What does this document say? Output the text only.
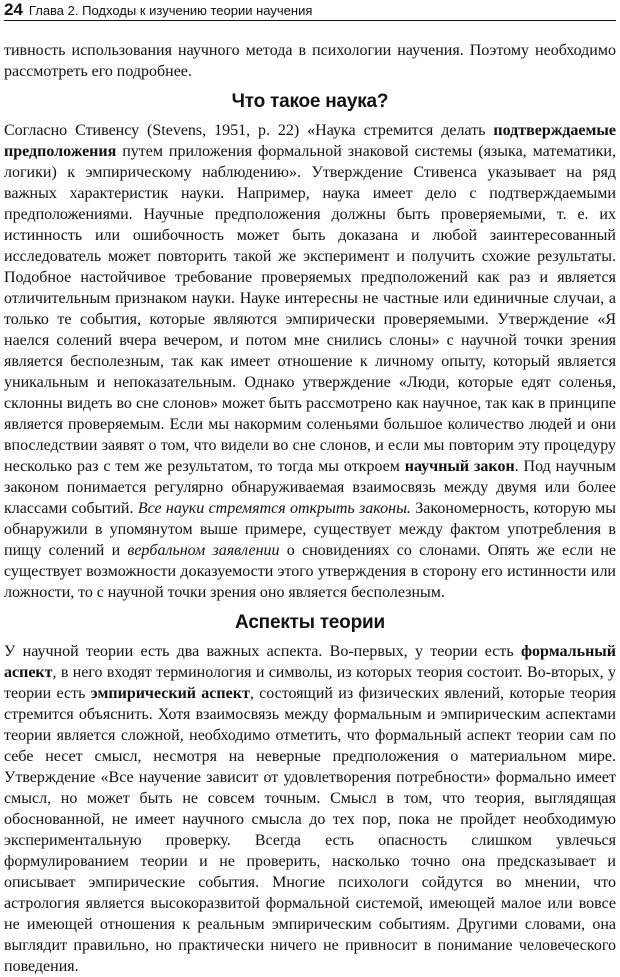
24 Глава 2. Подходы к изучению теории научения

тивность использования научного метода в психологии научения. Поэтому необходимо рассмотреть его подробнее.

Что такое наука?

Согласно Стивенсу (Stevens, 1951, p. 22) «Наука стремится делать подтверждаемые предположения путем приложения формальной знаковой системы (языка, математики, логики) к эмпирическому наблюдению». Утверждение Стивенса указывает на ряд важных характеристик науки. Например, наука имеет дело с подтверждаемыми предположениями. Научные предположения должны быть проверяемыми, т. е. их истинность или ошибочность может быть доказана и любой заинтересованный исследователь может повторить такой же эксперимент и получить схожие результаты. Подобное настойчивое требование проверяемых предположений как раз и является отличительным признаком науки. Науке интересны не частные или единичные случаи, а только те события, которые являются эмпирически проверяемыми. Утверждение «Я наелся солений вчера вечером, и потом мне снились слоны» с научной точки зрения является бесполезным, так как имеет отношение к личному опыту, который является уникальным и непоказательным. Однако утверждение «Люди, которые едят соленья, склонны видеть во сне слонов» может быть рассмотрено как научное, так как в принципе является проверяемым. Если мы накормим соленьями большое количество людей и они впоследствии заявят о том, что видели во сне слонов, и если мы повторим эту процедуру несколько раз с тем же результатом, то тогда мы откроем научный закон. Под научным законом понимается регулярно обнаруживаемая взаимосвязь между двумя или более классами событий. Все науки стремятся открыть законы. Закономерность, которую мы обнаружили в упомянутом выше примере, существует между фактом употребления в пищу солений и вербальном заявлении о сновидениях со слонами. Опять же если не существует возможности доказуемости этого утверждения в сторону его истинности или ложности, то с научной точки зрения оно является бесполезным.

Аспекты теории

У научной теории есть два важных аспекта. Во-первых, у теории есть формальный аспект, в него входят терминология и символы, из которых теория состоит. Во-вторых, у теории есть эмпирический аспект, состоящий из физических явлений, которые теория стремится объяснить. Хотя взаимосвязь между формальным и эмпирическим аспектами теории является сложной, необходимо отметить, что формальный аспект теории сам по себе несет смысл, несмотря на неверные предположения о материальном мире. Утверждение «Все научение зависит от удовлетворения потребности» формально имеет смысл, но может быть не совсем точным. Смысл в том, что теория, выглядящая обоснованной, не имеет научного смысла до тех пор, пока не пройдет необходимую экспериментальную проверку. Всегда есть опасность слишком увлечься формулированием теории и не проверить, насколько точно она предсказывает и описывает эмпирические события. Многие психологи сойдутся во мнении, что астрология является высокоразвитой формальной системой, имеющей малое или вовсе не имеющей отношения к реальным эмпирическим событиям. Другими словами, она выглядит правильно, но практически ничего не привносит в понимание человеческого поведения.
